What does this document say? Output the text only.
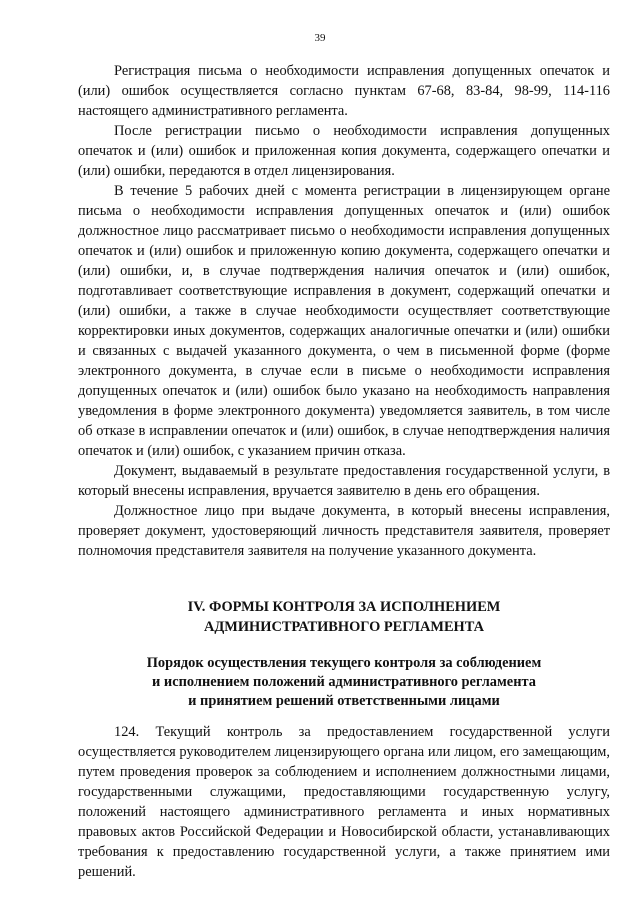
39

Регистрация письма о необходимости исправления допущенных опечаток и (или) ошибок осуществляется согласно пунктам 67-68, 83-84, 98-99, 114-116 настоящего административного регламента.

После регистрации письмо о необходимости исправления допущенных опечаток и (или) ошибок и приложенная копия документа, содержащего опечатки и (или) ошибки, передаются в отдел лицензирования.

В течение 5 рабочих дней с момента регистрации в лицензирующем органе письма о необходимости исправления допущенных опечаток и (или) ошибок должностное лицо рассматривает письмо о необходимости исправления допущенных опечаток и (или) ошибок и приложенную копию документа, содержащего опечатки и (или) ошибки, и, в случае подтверждения наличия опечаток и (или) ошибок, подготавливает соответствующие исправления в документ, содержащий опечатки и (или) ошибки, а также в случае необходимости осуществляет соответствующие корректировки иных документов, содержащих аналогичные опечатки и (или) ошибки и связанных с выдачей указанного документа, о чем в письменной форме (форме электронного документа, в случае если в письме о необходимости исправления допущенных опечаток и (или) ошибок было указано на необходимость направления уведомления в форме электронного документа) уведомляется заявитель, в том числе об отказе в исправлении опечаток и (или) ошибок, в случае неподтверждения наличия опечаток и (или) ошибок, с указанием причин отказа.

Документ, выдаваемый в результате предоставления государственной услуги, в который внесены исправления, вручается заявителю в день его обращения.

Должностное лицо при выдаче документа, в который внесены исправления, проверяет документ, удостоверяющий личность представителя заявителя, проверяет полномочия представителя заявителя на получение указанного документа.

IV. ФОРМЫ КОНТРОЛЯ ЗА ИСПОЛНЕНИЕМ
АДМИНИСТРАТИВНОГО РЕГЛАМЕНТА
Порядок осуществления текущего контроля за соблюдением
и исполнением положений административного регламента
и принятием решений ответственными лицами

124. Текущий контроль за предоставлением государственной услуги осуществляется руководителем лицензирующего органа или лицом, его замещающим, путем проведения проверок за соблюдением и исполнением должностными лицами, государственными служащими, предоставляющими государственную услугу, положений настоящего административного регламента и иных нормативных правовых актов Российской Федерации и Новосибирской области, устанавливающих требования к предоставлению государственной услуги, а также принятием ими решений.
